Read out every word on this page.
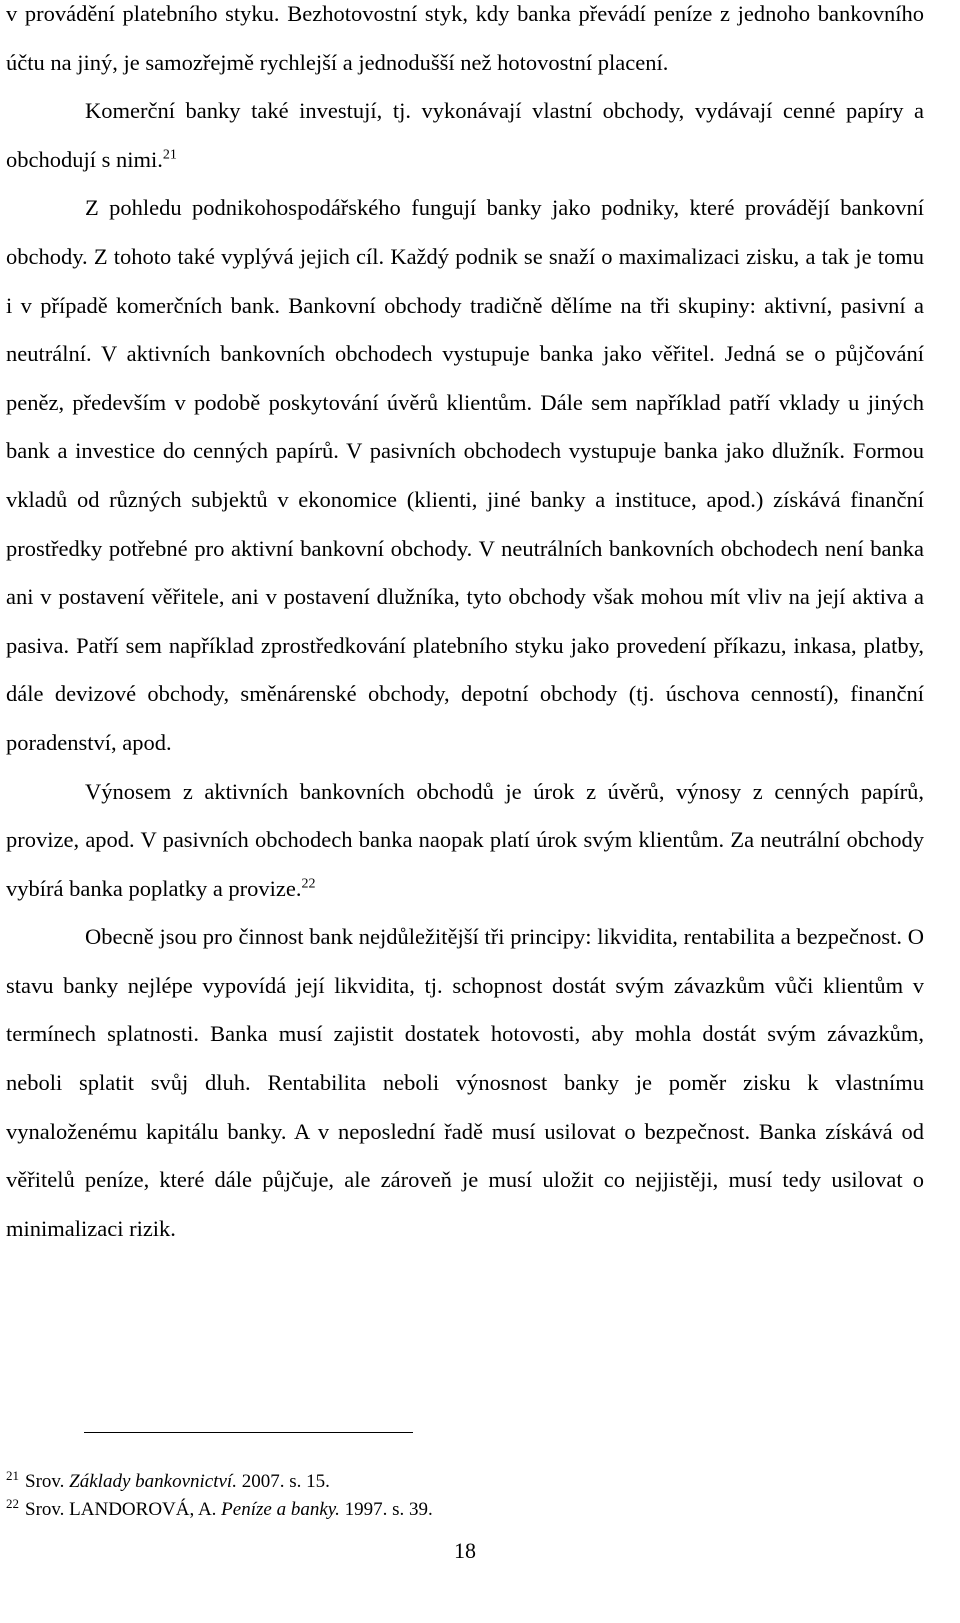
v provádění platebního styku. Bezhotovostní styk, kdy banka převádí peníze z jednoho bankovního účtu na jiný, je samozřejmě rychlejší a jednodušší než hotovostní placení.

Komerční banky také investují, tj. vykonávají vlastní obchody, vydávají cenné papíry a obchodují s nimi.$^{21}$

Z pohledu podnikohospodářského fungují banky jako podniky, které provádějí bankovní obchody. Z tohoto také vyplývá jejich cíl. Každý podnik se snaží o maximalizaci zisku, a tak je tomu i v případě komerčních bank. Bankovní obchody tradičně dělíme na tři skupiny: aktivní, pasivní a neutrální. V aktivních bankovních obchodech vystupuje banka jako věřitel. Jedná se o půjčování peněz, především v podobě poskytování úvěrů klientům. Dále sem například patří vklady u jiných bank a investice do cenných papírů. V pasivních obchodech vystupuje banka jako dlužník. Formou vkladů od různých subjektů v ekonomice (klienti, jiné banky a instituce, apod.) získává finanční prostředky potřebné pro aktivní bankovní obchody. V neutrálních bankovních obchodech není banka ani v postavení věřitele, ani v postavení dlužníka, tyto obchody však mohou mít vliv na její aktiva a pasiva. Patří sem například zprostředkování platebního styku jako provedení příkazu, inkasa, platby, dále devizové obchody, směnárenské obchody, depotní obchody (tj. úschova cenností), finanční poradenství, apod.

Výnosem z aktivních bankovních obchodů je úrok z úvěrů, výnosy z cenných papírů, provize, apod. V pasivních obchodech banka naopak platí úrok svým klientům. Za neutrální obchody vybírá banka poplatky a provize.$^{22}$

Obecně jsou pro činnost bank nejdůležitější tři principy: likvidita, rentabilita a bezpečnost. O stavu banky nejlépe vypovídá její likvidita, tj. schopnost dostát svým závazkům vůči klientům v termínech splatnosti. Banka musí zajistit dostatek hotovosti, aby mohla dostát svým závazkům, neboli splatit svůj dluh. Rentabilita neboli výnosnost banky je poměr zisku k vlastnímu vynaloženému kapitálu banky. A v neposlední řadě musí usilovat o bezpečnost. Banka získává od věřitelů peníze, které dále půjčuje, ale zároveň je musí uložit co nejjistěji, musí tedy usilovat o minimalizaci rizik.

$^{21}$ Srov. Základy bankovnictví. 2007. s. 15.
$^{22}$ Srov. LANDOROVÁ, A. Peníze a banky. 1997. s. 39.
18
